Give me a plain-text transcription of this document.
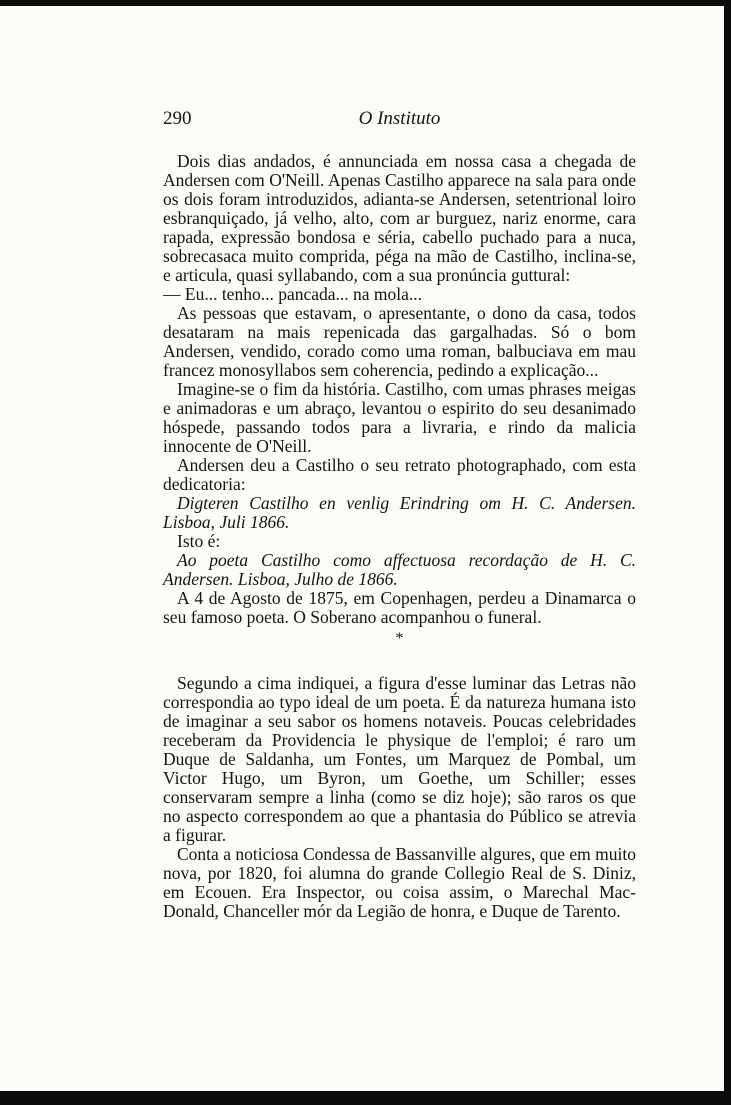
290	O Instituto

Dois dias andados, é annunciada em nossa casa a chegada de Andersen com O'Neill. Apenas Castilho apparece na sala para onde os dois foram introduzidos, adianta-se Andersen, setentrional loiro esbranquiçado, já velho, alto, com ar burguez, nariz enorme, cara rapada, expressão bondosa e séria, cabello puchado para a nuca, sobrecasaca muito comprida, péga na mão de Castilho, inclina-se, e articula, quasi syllabando, com a sua pronúncia guttural:

— Eu... tenho... pancada... na mola...

As pessoas que estavam, o apresentante, o dono da casa, todos desataram na mais repenicada das gargalhadas. Só o bom Andersen, vendido, corado como uma roman, balbuciava em mau francez monosyllabos sem coherencia, pedindo a explicação...

Imagine-se o fim da história. Castilho, com umas phrases meigas e animadoras e um abraço, levantou o espirito do seu desanimado hóspede, passando todos para a livraria, e rindo da malicia innocente de O'Neill.

Andersen deu a Castilho o seu retrato photographado, com esta dedicatoria:

Digteren Castilho en venlig Erindring om H. C. Andersen. Lisboa, Juli 1866.

Isto é:

Ao poeta Castilho como affectuosa recordação de H. C. Andersen. Lisboa, Julho de 1866.

A 4 de Agosto de 1875, em Copenhagen, perdeu a Dinamarca o seu famoso poeta. O Soberano acompanhou o funeral.

*

Segundo a cima indiquei, a figura d'esse luminar das Letras não correspondia ao typo ideal de um poeta. É da natureza humana isto de imaginar a seu sabor os homens notaveis. Poucas celebridades receberam da Providencia le physique de l'emploi; é raro um Duque de Saldanha, um Fontes, um Marquez de Pombal, um Victor Hugo, um Byron, um Goethe, um Schiller; esses conservaram sempre a linha (como se diz hoje); são raros os que no aspecto correspondem ao que a phantasia do Público se atrevia a figurar.

Conta a noticiosa Condessa de Bassanville algures, que em muito nova, por 1820, foi alumna do grande Collegio Real de S. Diniz, em Ecouen. Era Inspector, ou coisa assim, o Marechal Mac-Donald, Chanceller mór da Legião de honra, e Duque de Tarento.
